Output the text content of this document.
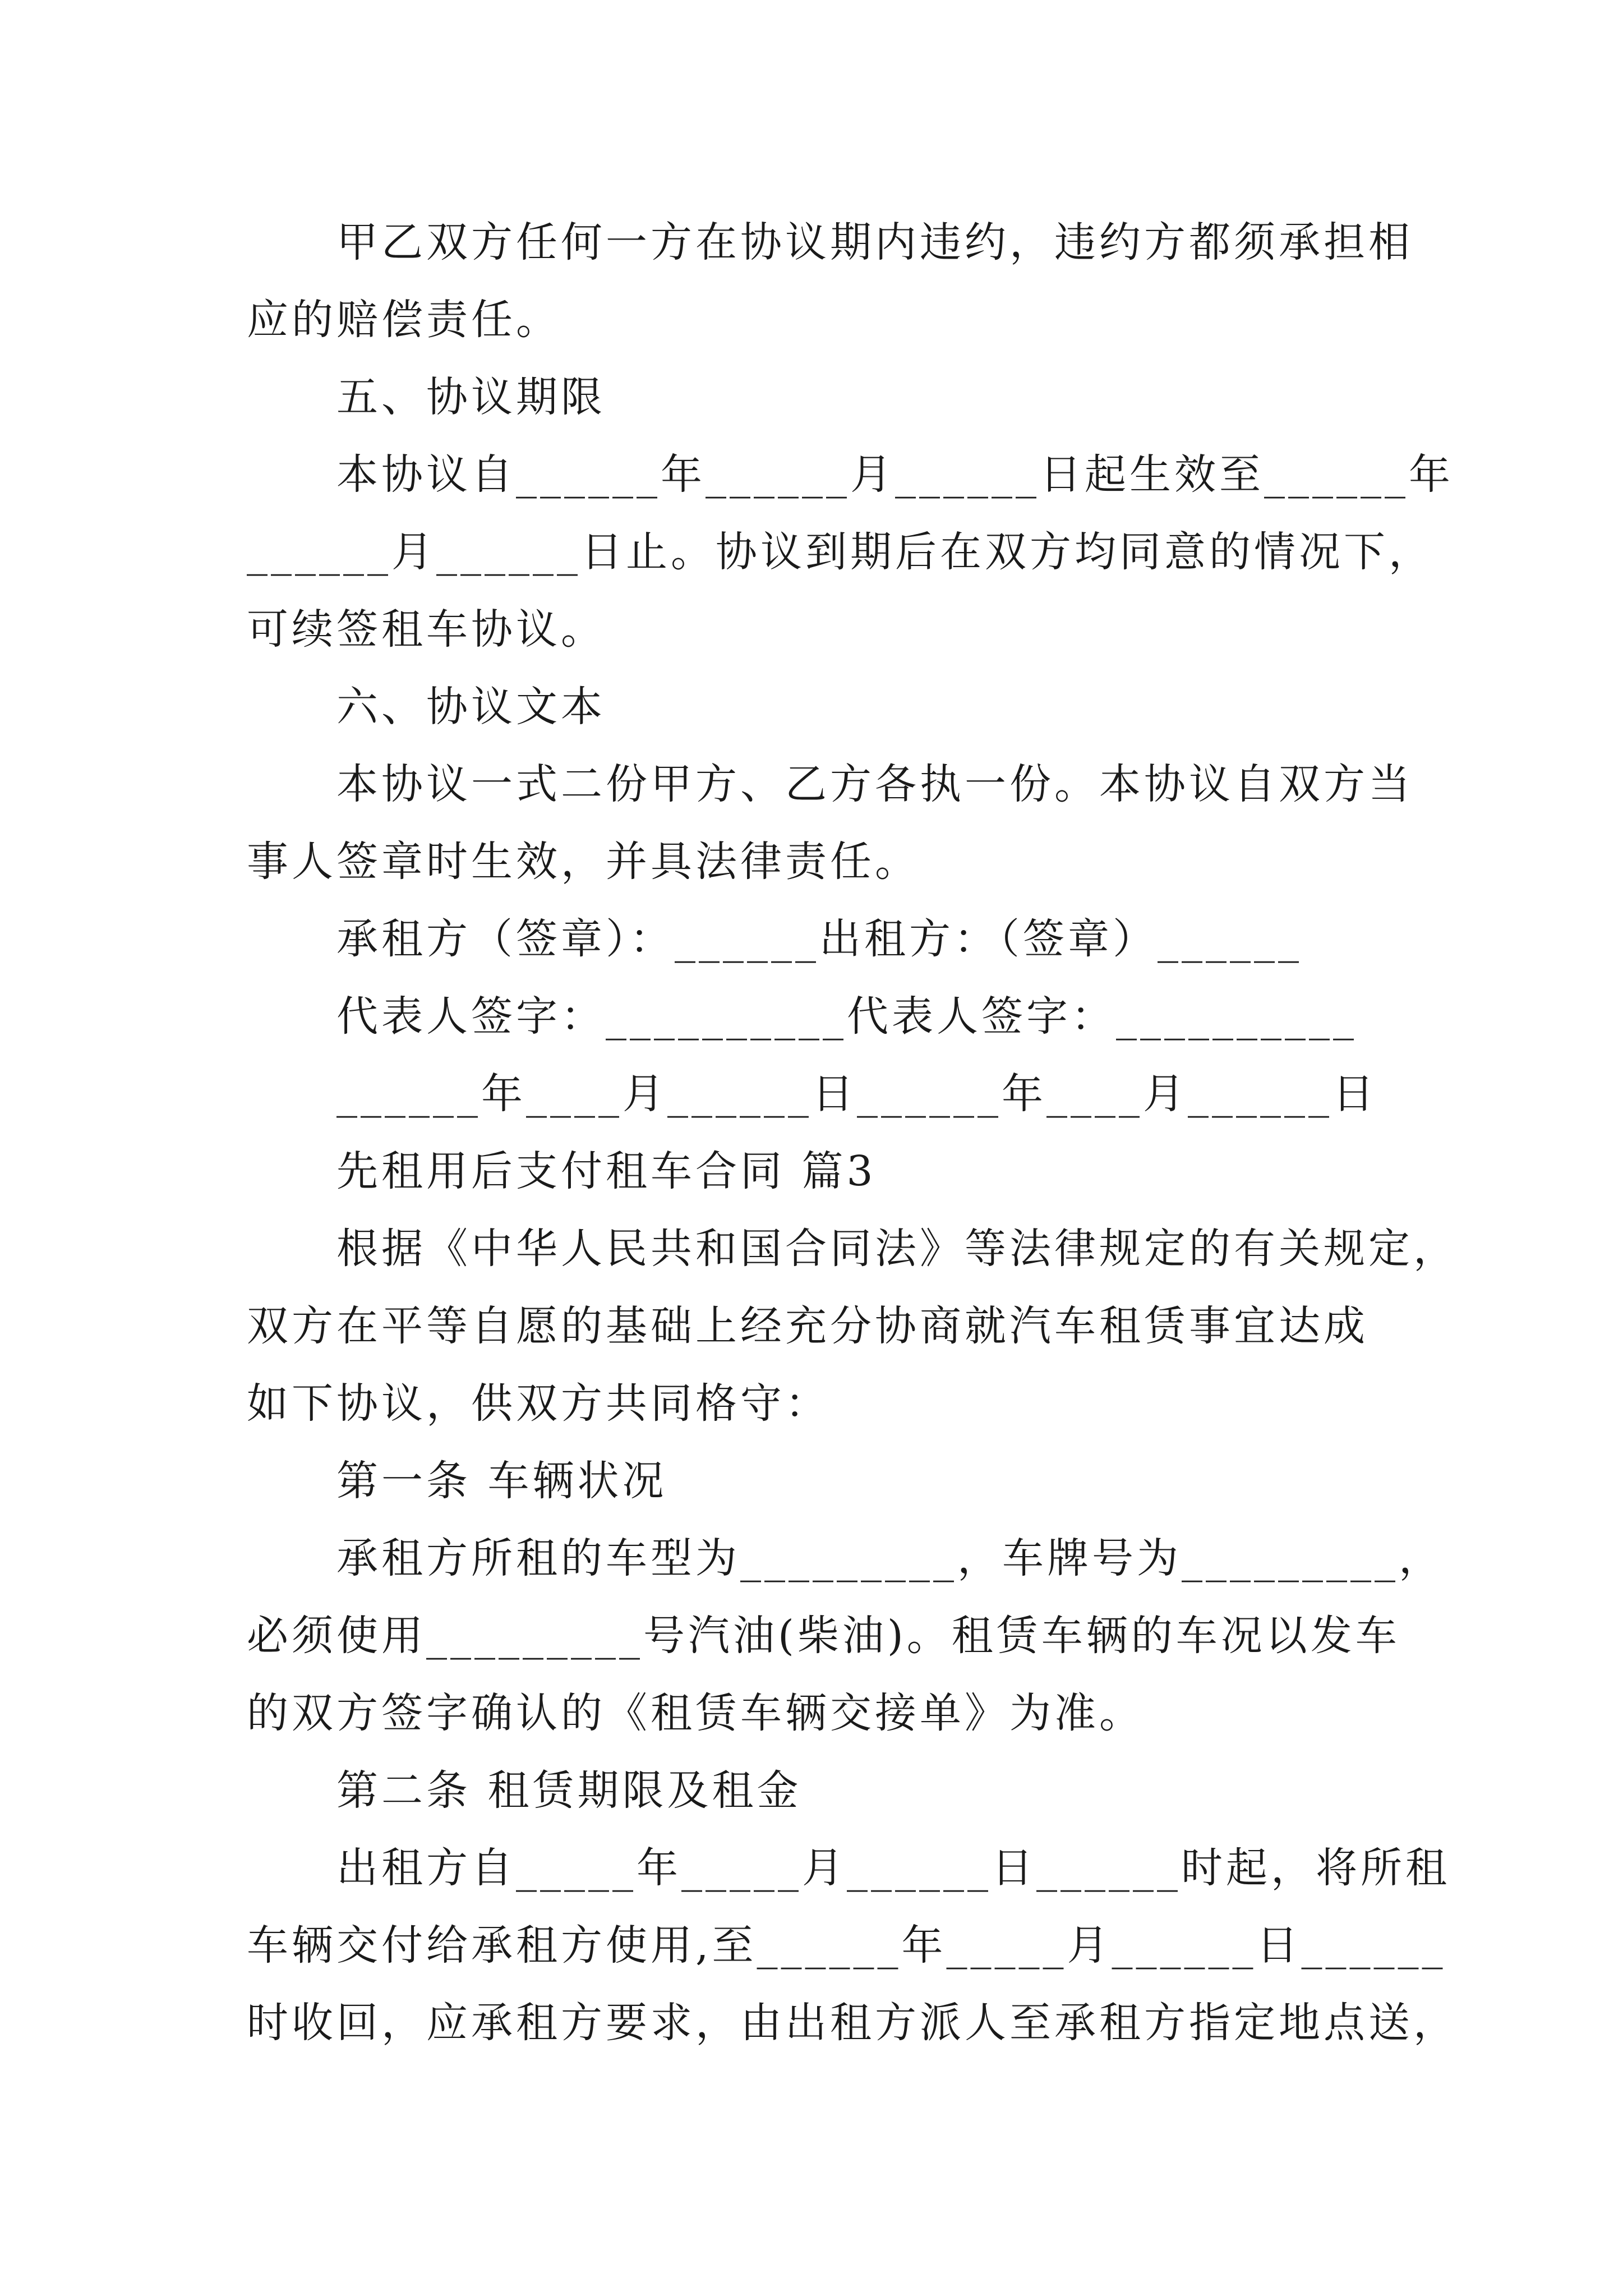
甲乙双方任何一方在协议期内违约，违约方都须承担相
应的赔偿责任。
五、协议期限
本协议自______年______月______日起生效至______年
______月______日止。协议到期后在双方均同意的情况下，
可续签租车协议。
六、协议文本
本协议一式二份甲方、乙方各执一份。本协议自双方当
事人签章时生效，并具法律责任。
承租方（签章）：______出租方：（签章）______
代表人签字：__________代表人签字：__________
______年____月______日______年____月______日
先租用后支付租车合同 篇3
根据《中华人民共和国合同法》等法律规定的有关规定，
双方在平等自愿的基础上经充分协商就汽车租赁事宜达成
如下协议，供双方共同格守：
第一条 车辆状况
承租方所租的车型为_________，车牌号为_________，
必须使用_________号汽油(柴油)。租赁车辆的车况以发车
的双方签字确认的《租赁车辆交接单》为准。
第二条 租赁期限及租金
出租方自_____年_____月______日______时起，将所租
车辆交付给承租方使用,至______年_____月______日______
时收回，应承租方要求，由出租方派人至承租方指定地点送，
